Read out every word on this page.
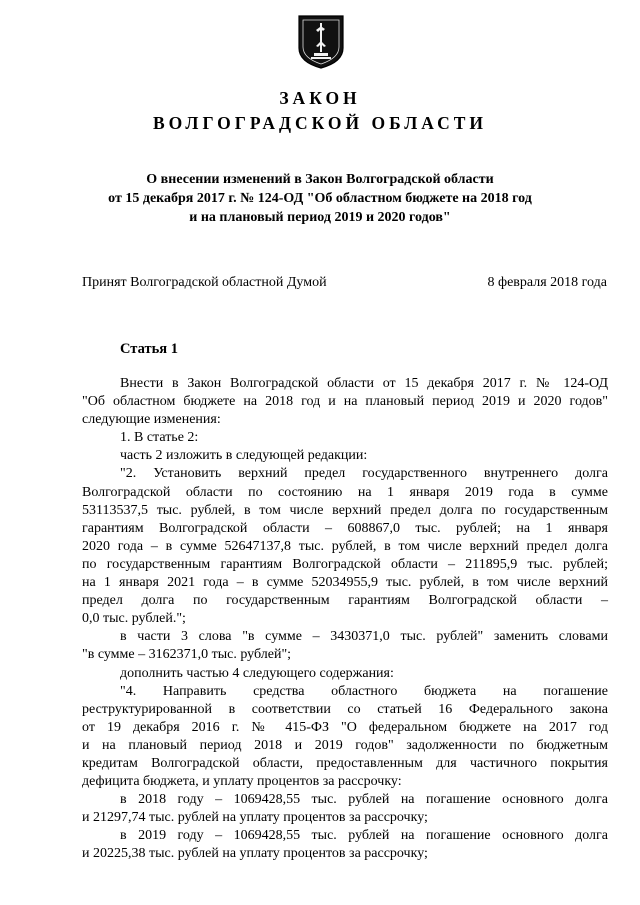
ЗАКОН
ВОЛГОГРАДСКОЙ ОБЛАСТИ
О внесении изменений в Закон Волгоградской области
от 15 декабря 2017 г. № 124-ОД "Об областном бюджете на 2018 год
и на плановый период 2019 и 2020 годов"
Принят Волгоградской областной Думой	8 февраля 2018 года
Статья 1

Внести в Закон Волгоградской области от 15 декабря 2017 г. № 124-ОД

"Об областном бюджете на 2018 год и на плановый период 2019 и 2020 годов"

следующие изменения:

1. В статье 2:

часть 2 изложить в следующей редакции:

"2. Установить верхний предел государственного внутреннего долга

Волгоградской области по состоянию на 1 января 2019 года в сумме

53113537,5 тыс. рублей, в том числе верхний предел долга по государственным

гарантиям Волгоградской области – 608867,0 тыс. рублей; на 1 января

2020 года – в сумме 52647137,8 тыс. рублей, в том числе верхний предел долга

по государственным гарантиям Волгоградской области – 211895,9 тыс. рублей;

на 1 января 2021 года – в сумме 52034955,9 тыс. рублей, в том числе верхний

предел долга по государственным гарантиям Волгоградской области –

0,0 тыс. рублей.";

в части 3 слова "в сумме – 3430371,0 тыс. рублей" заменить словами

"в сумме – 3162371,0 тыс. рублей";

дополнить частью 4 следующего содержания:

"4. Направить средства областного бюджета на погашение

реструктурированной в соответствии со статьей 16 Федерального закона

от 19 декабря 2016 г. № 415-ФЗ "О федеральном бюджете на 2017 год

и на плановый период 2018 и 2019 годов" задолженности по бюджетным

кредитам Волгоградской области, предоставленным для частичного покрытия

дефицита бюджета, и уплату процентов за рассрочку:

в 2018 году – 1069428,55 тыс. рублей на погашение основного долга

и 21297,74 тыс. рублей на уплату процентов за рассрочку;

в 2019 году – 1069428,55 тыс. рублей на погашение основного долга

и 20225,38 тыс. рублей на уплату процентов за рассрочку;
